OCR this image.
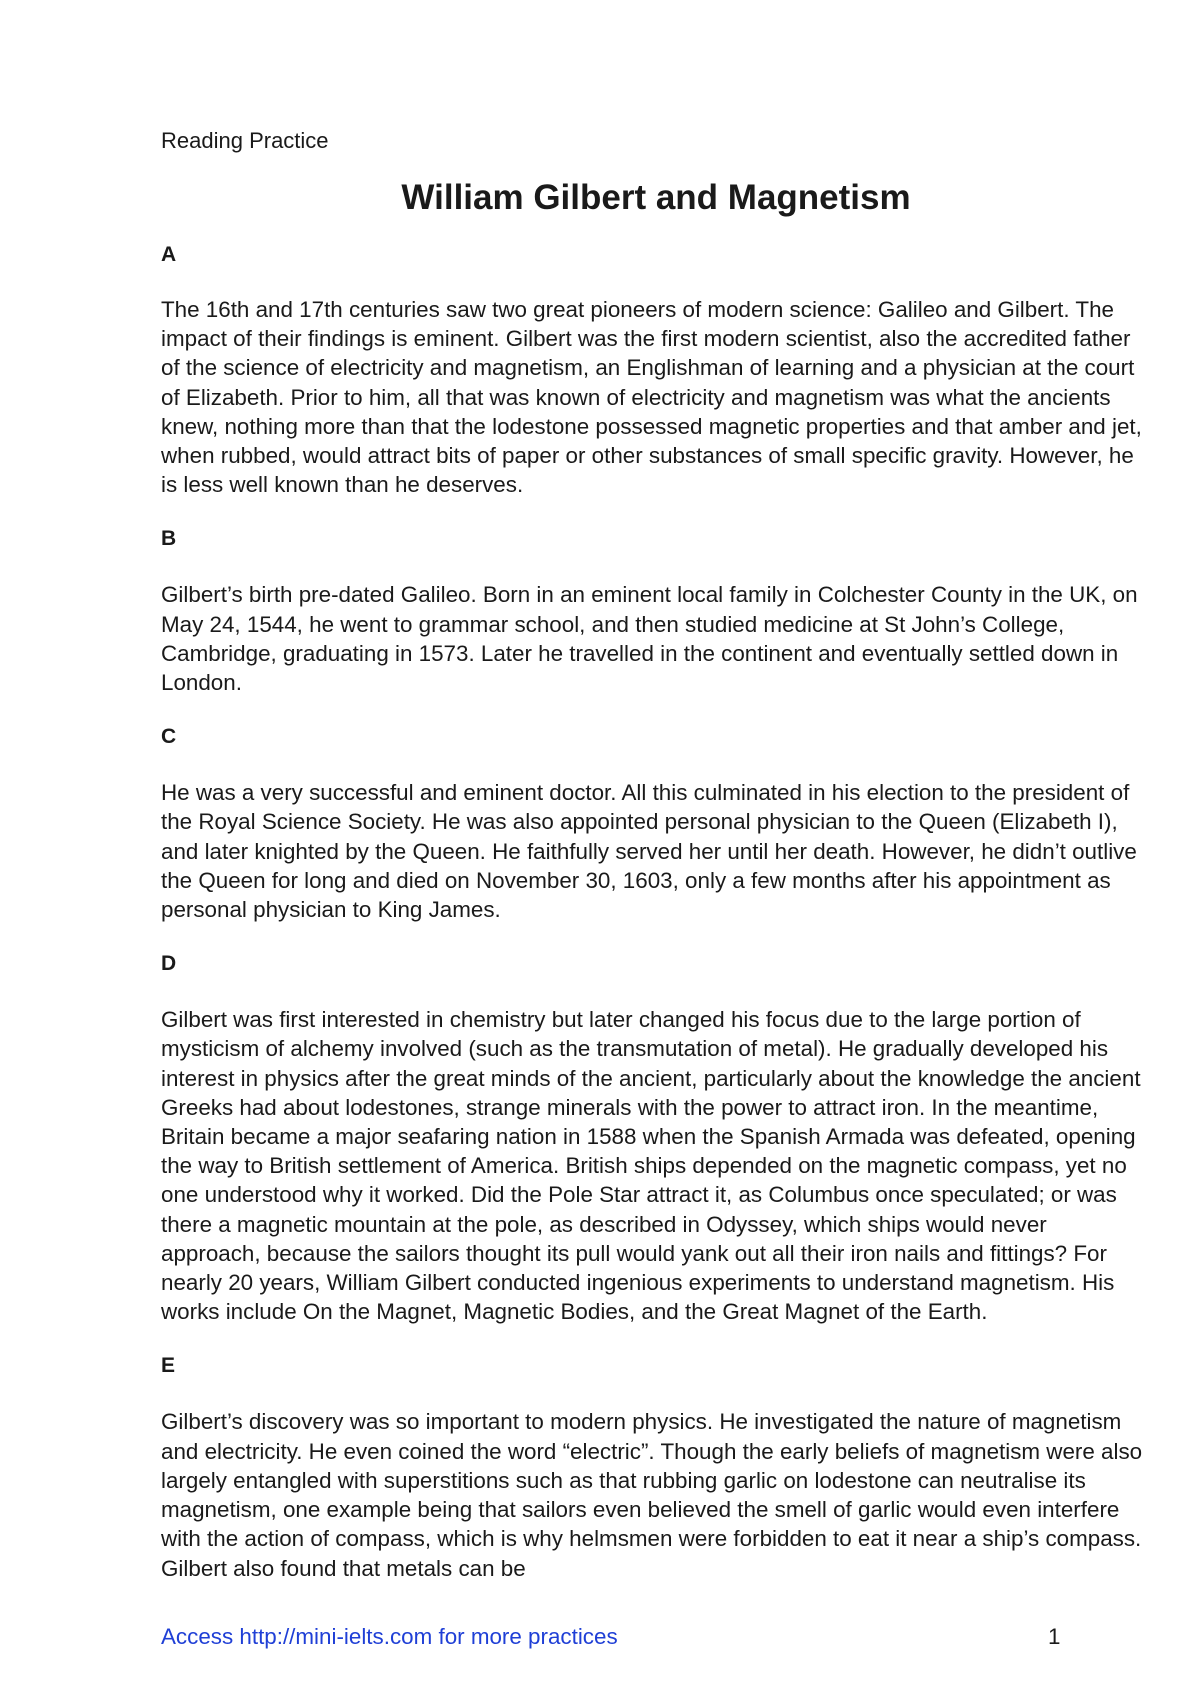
Reading Practice

William Gilbert and Magnetism

A

The 16th and 17th centuries saw two great pioneers of modern science: Galileo and Gilbert. The impact of their findings is eminent. Gilbert was the first modern scientist, also the accredited father of the science of electricity and magnetism, an Englishman of learning and a physician at the court of Elizabeth. Prior to him, all that was known of electricity and magnetism was what the ancients knew, nothing more than that the lodestone possessed magnetic properties and that amber and jet, when rubbed, would attract bits of paper or other substances of small specific gravity. However, he is less well known than he deserves.

B

Gilbert’s birth pre-dated Galileo. Born in an eminent local family in Colchester County in the UK, on May 24, 1544, he went to grammar school, and then studied medicine at St John’s College, Cambridge, graduating in 1573. Later he travelled in the continent and eventually settled down in London.

C

He was a very successful and eminent doctor. All this culminated in his election to the president of the Royal Science Society. He was also appointed personal physician to the Queen (Elizabeth I), and later knighted by the Queen. He faithfully served her until her death. However, he didn’t outlive the Queen for long and died on November 30, 1603, only a few months after his appointment as personal physician to King James.

D

Gilbert was first interested in chemistry but later changed his focus due to the large portion of mysticism of alchemy involved (such as the transmutation of metal). He gradually developed his interest in physics after the great minds of the ancient, particularly about the knowledge the ancient Greeks had about lodestones, strange minerals with the power to attract iron. In the meantime, Britain became a major seafaring nation in 1588 when the Spanish Armada was defeated, opening the way to British settlement of America. British ships depended on the magnetic compass, yet no one understood why it worked. Did the Pole Star attract it, as Columbus once speculated; or was there a magnetic mountain at the pole, as described in Odyssey, which ships would never approach, because the sailors thought its pull would yank out all their iron nails and fittings? For nearly 20 years, William Gilbert conducted ingenious experiments to understand magnetism. His works include On the Magnet, Magnetic Bodies, and the Great Magnet of the Earth.

E

Gilbert’s discovery was so important to modern physics. He investigated the nature of magnetism and electricity. He even coined the word “electric”. Though the early beliefs of magnetism were also largely entangled with superstitions such as that rubbing garlic on lodestone can neutralise its magnetism, one example being that sailors even believed the smell of garlic would even interfere with the action of compass, which is why helmsmen were forbidden to eat it near a ship’s compass. Gilbert also found that metals can be

Access http://mini-ielts.com for more practices	1
